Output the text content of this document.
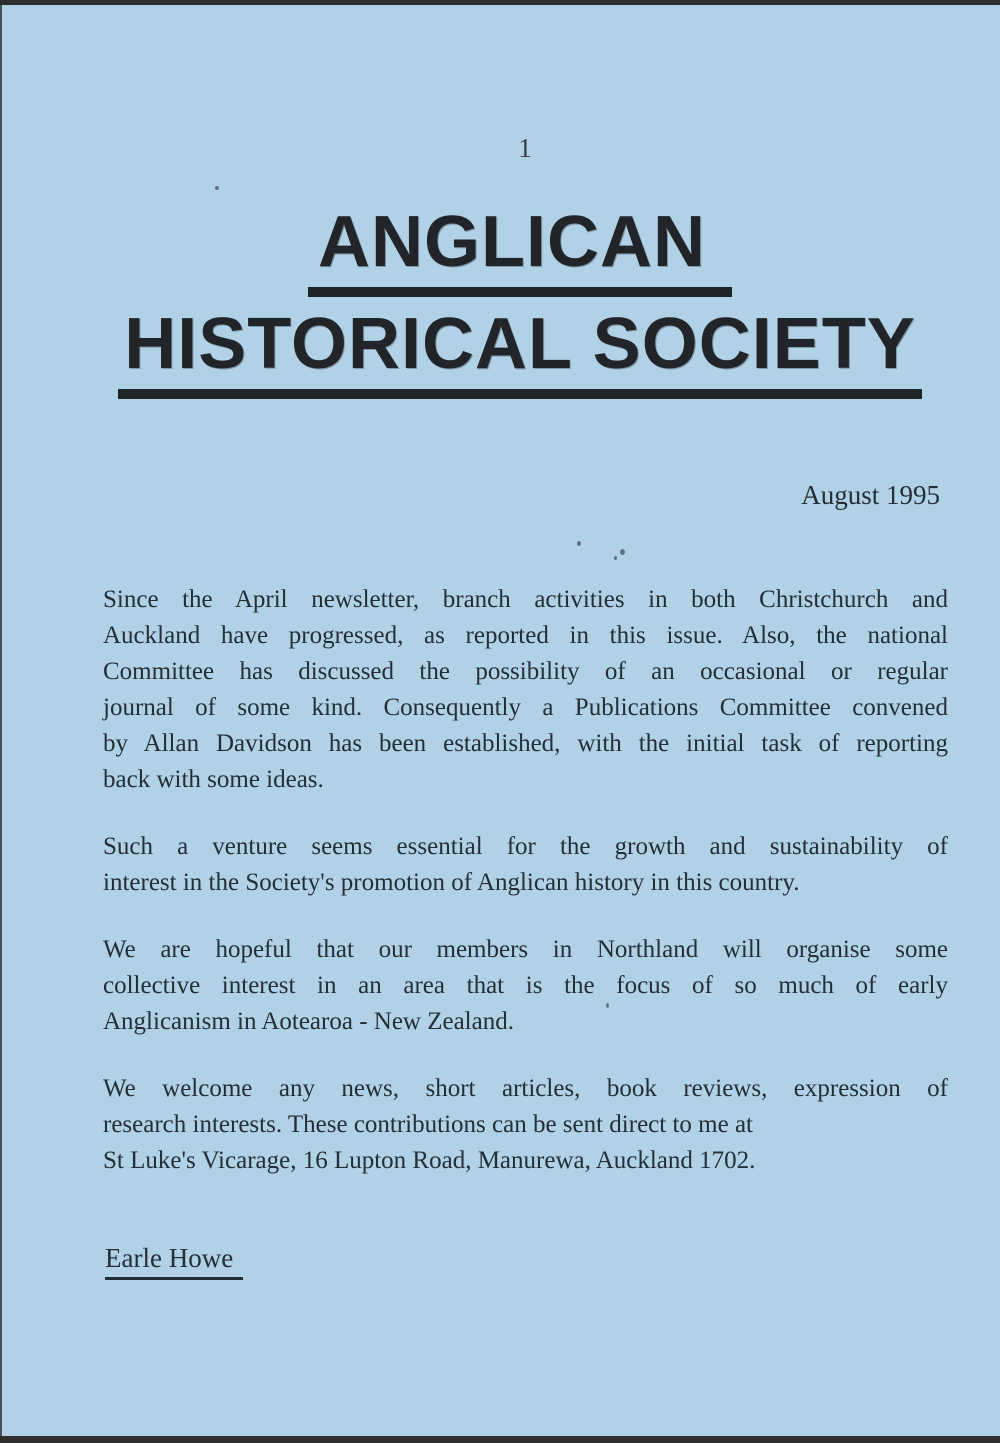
1
ANGLICAN
HISTORICAL SOCIETY
August 1995
Since the April newsletter, branch activities in both Christchurch and
Auckland have progressed, as reported in this issue. Also, the national
Committee has discussed the possibility of an occasional or regular
journal of some kind. Consequently a Publications Committee convened
by Allan Davidson has been established, with the initial task of reporting
back with some ideas.
Such a venture seems essential for the growth and sustainability of
interest in the Society's promotion of Anglican history in this country.
We are hopeful that our members in Northland will organise some
collective interest in an area that is the focus of so much of early
Anglicanism in Aotearoa - New Zealand.
We welcome any news, short articles, book reviews, expression of
research interests. These contributions can be sent direct to me at
St Luke's Vicarage, 16 Lupton Road, Manurewa, Auckland 1702.
Earle Howe
